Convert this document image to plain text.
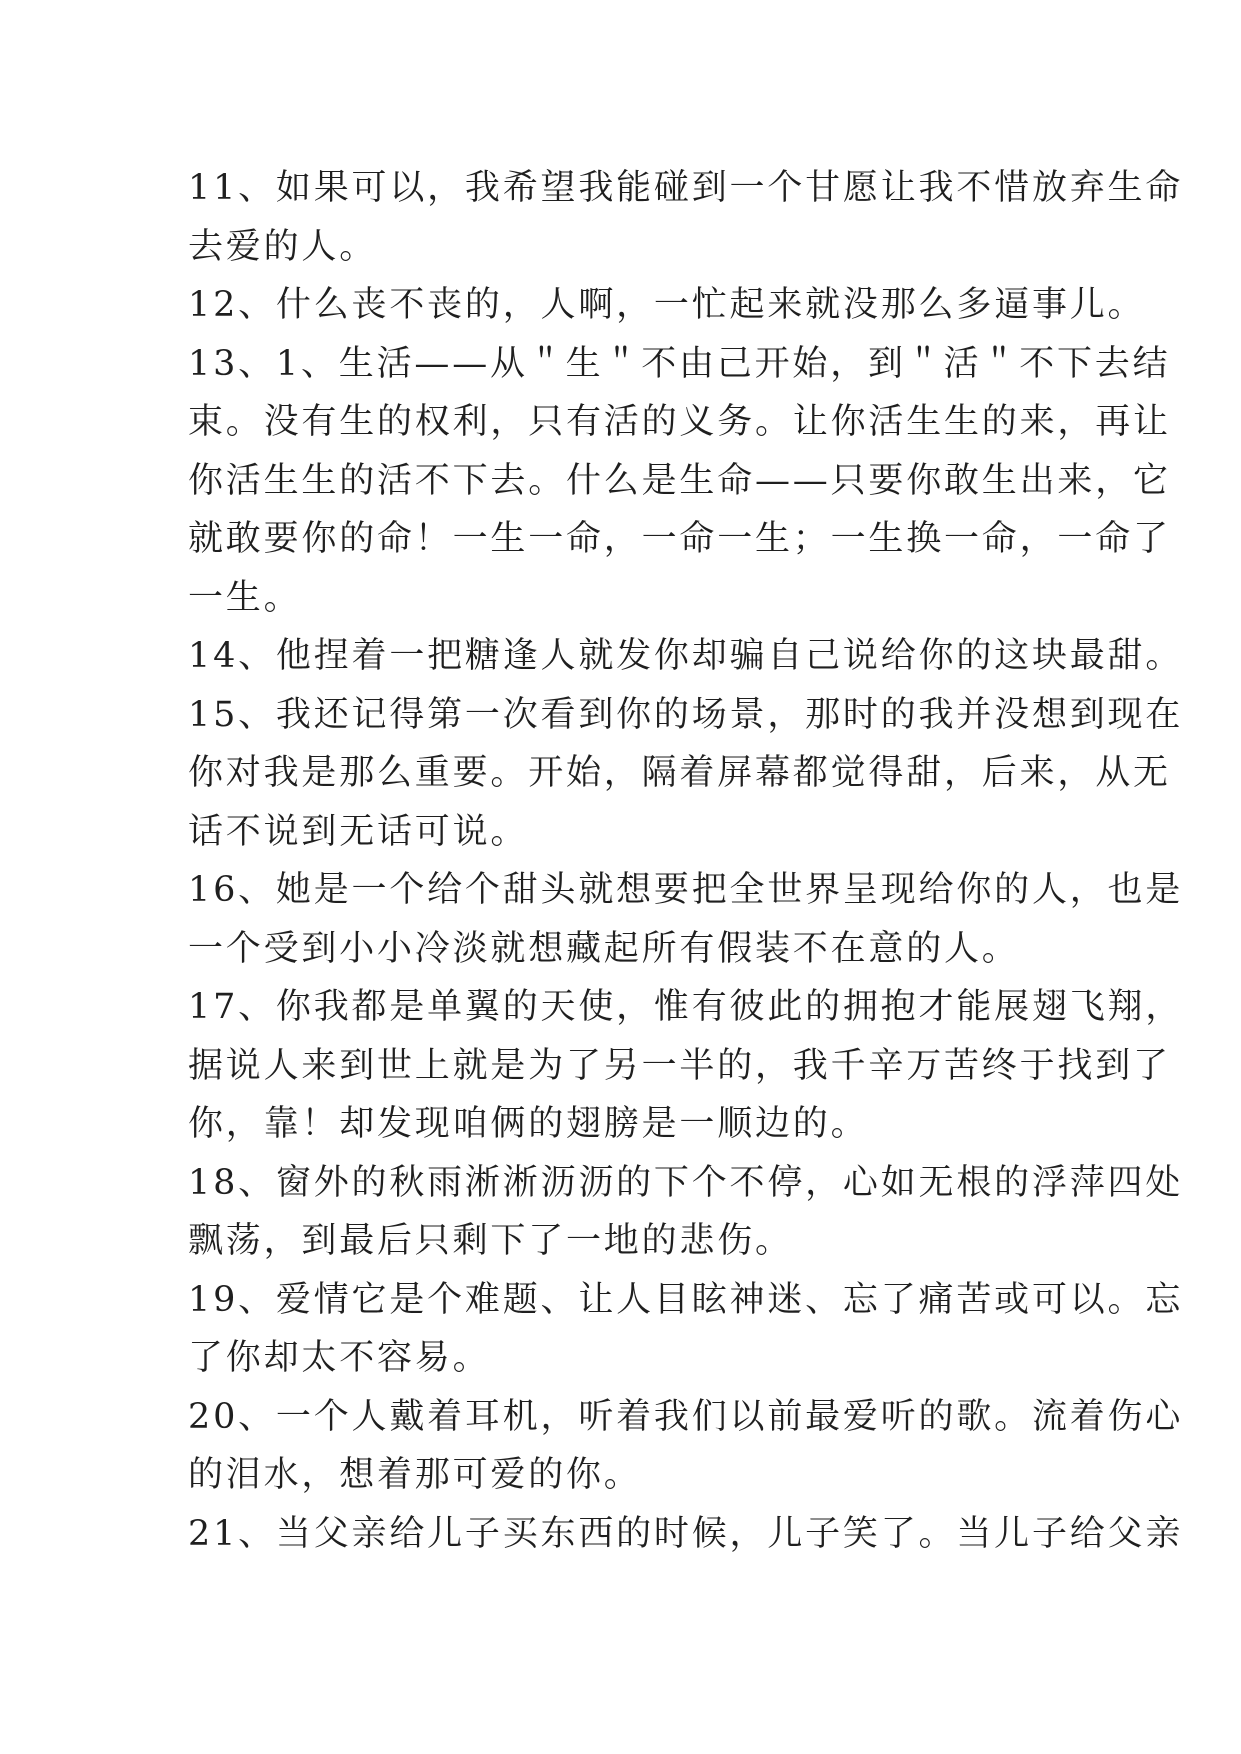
11、如果可以，我希望我能碰到一个甘愿让我不惜放弃生命
去爱的人。
12、什么丧不丧的，人啊，一忙起来就没那么多逼事儿。
13、1、生活——从＂生＂不由己开始，到＂活＂不下去结
束。没有生的权利，只有活的义务。让你活生生的来，再让
你活生生的活不下去。什么是生命——只要你敢生出来，它
就敢要你的命！一生一命，一命一生；一生换一命，一命了
一生。
14、他捏着一把糖逢人就发你却骗自己说给你的这块最甜。
15、我还记得第一次看到你的场景，那时的我并没想到现在
你对我是那么重要。开始，隔着屏幕都觉得甜，后来，从无
话不说到无话可说。
16、她是一个给个甜头就想要把全世界呈现给你的人，也是
一个受到小小冷淡就想藏起所有假装不在意的人。
17、你我都是单翼的天使，惟有彼此的拥抱才能展翅飞翔，
据说人来到世上就是为了另一半的，我千辛万苦终于找到了
你，靠！却发现咱俩的翅膀是一顺边的。
18、窗外的秋雨淅淅沥沥的下个不停，心如无根的浮萍四处
飘荡，到最后只剩下了一地的悲伤。
19、爱情它是个难题、让人目眩神迷、忘了痛苦或可以。忘
了你却太不容易。
20、一个人戴着耳机，听着我们以前最爱听的歌。流着伤心
的泪水，想着那可爱的你。
21、当父亲给儿子买东西的时候，儿子笑了。当儿子给父亲
